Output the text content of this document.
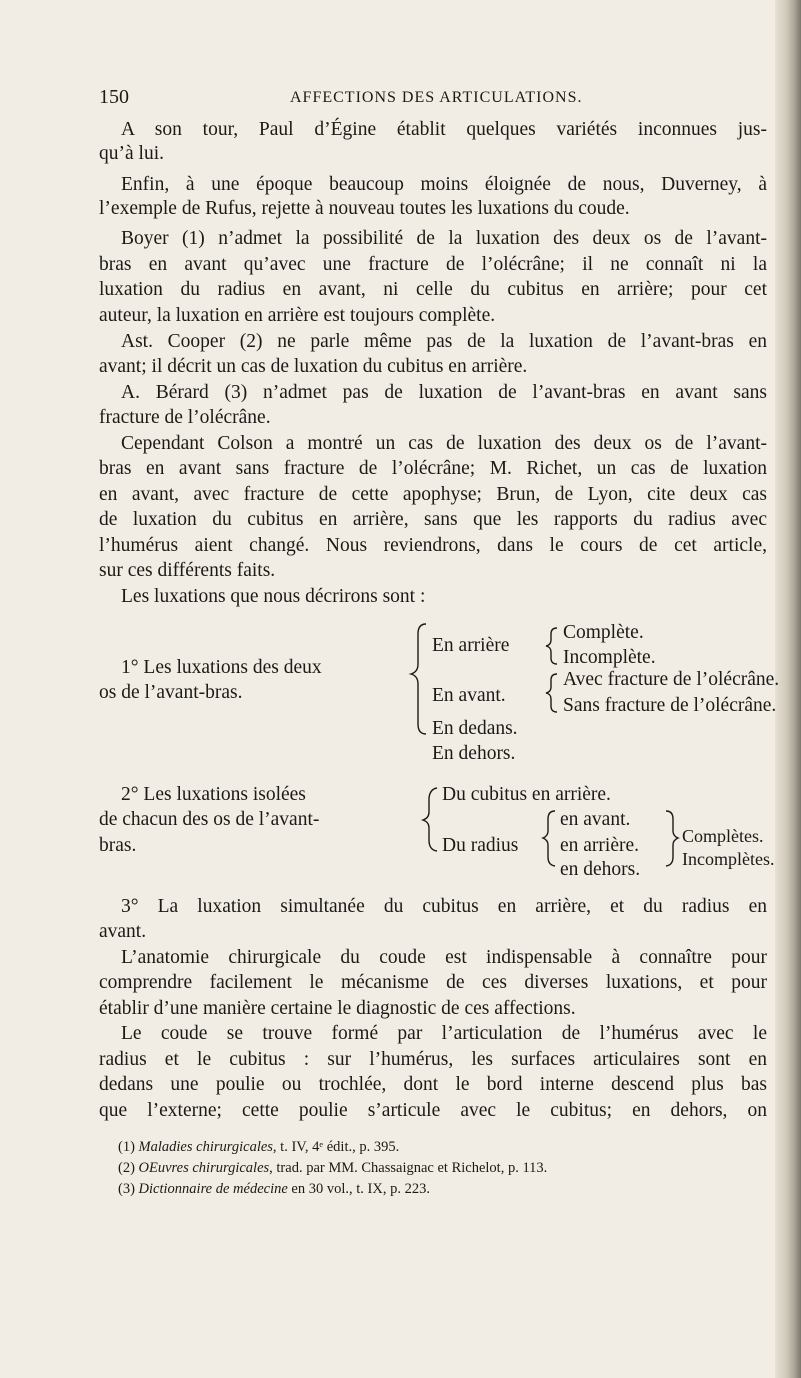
150	AFFECTIONS DES ARTICULATIONS.
A son tour, Paul d’Égine établit quelques variétés inconnues jus-
qu’à lui.
Enfin, à une époque beaucoup moins éloignée de nous, Duverney, à
l’exemple de Rufus, rejette à nouveau toutes les luxations du coude.
Boyer (1) n’admet la possibilité de la luxation des deux os de l’avant-
bras en avant qu’avec une fracture de l’olécrâne; il ne connaît ni la
luxation du radius en avant, ni celle du cubitus en arrière; pour cet
auteur, la luxation en arrière est toujours complète.
Ast. Cooper (2) ne parle même pas de la luxation de l’avant-bras en
avant; il décrit un cas de luxation du cubitus en arrière.
A. Bérard (3) n’admet pas de luxation de l’avant-bras en avant sans
fracture de l’olécrâne.
Cependant Colson a montré un cas de luxation des deux os de l’avant-
bras en avant sans fracture de l’olécrâne; M. Richet, un cas de luxation
en avant, avec fracture de cette apophyse; Brun, de Lyon, cite deux cas
de luxation du cubitus en arrière, sans que les rapports du radius avec
l’humérus aient changé. Nous reviendrons, dans le cours de cet article,
sur ces différents faits.
Les luxations que nous décrirons sont :
1° Les luxations des deux
os de l’avant-bras.
En arrière
Complète.
Incomplète.
En avant.
Avec fracture de l’olécrâne.
Sans fracture de l’olécrâne.
En dedans.
En dehors.
2° Les luxations isolées
de chacun des os de l’avant-
bras.
Du cubitus en arrière.
Du radius
en avant.
en arrière.
en dehors.
Complètes.
Incomplètes.
3° La luxation simultanée du cubitus en arrière, et du radius en
avant.
L’anatomie chirurgicale du coude est indispensable à connaître pour
comprendre facilement le mécanisme de ces diverses luxations, et pour
établir d’une manière certaine le diagnostic de ces affections.
Le coude se trouve formé par l’articulation de l’humérus avec le
radius et le cubitus : sur l’humérus, les surfaces articulaires sont en
dedans une poulie ou trochlée, dont le bord interne descend plus bas
que l’externe; cette poulie s’articule avec le cubitus; en dehors, on
(1) Maladies chirurgicales, t. IV, 4ᵉ édit., p. 395.
(2) OEuvres chirurgicales, trad. par MM. Chassaignac et Richelot, p. 113.
(3) Dictionnaire de médecine en 30 vol., t. IX, p. 223.
